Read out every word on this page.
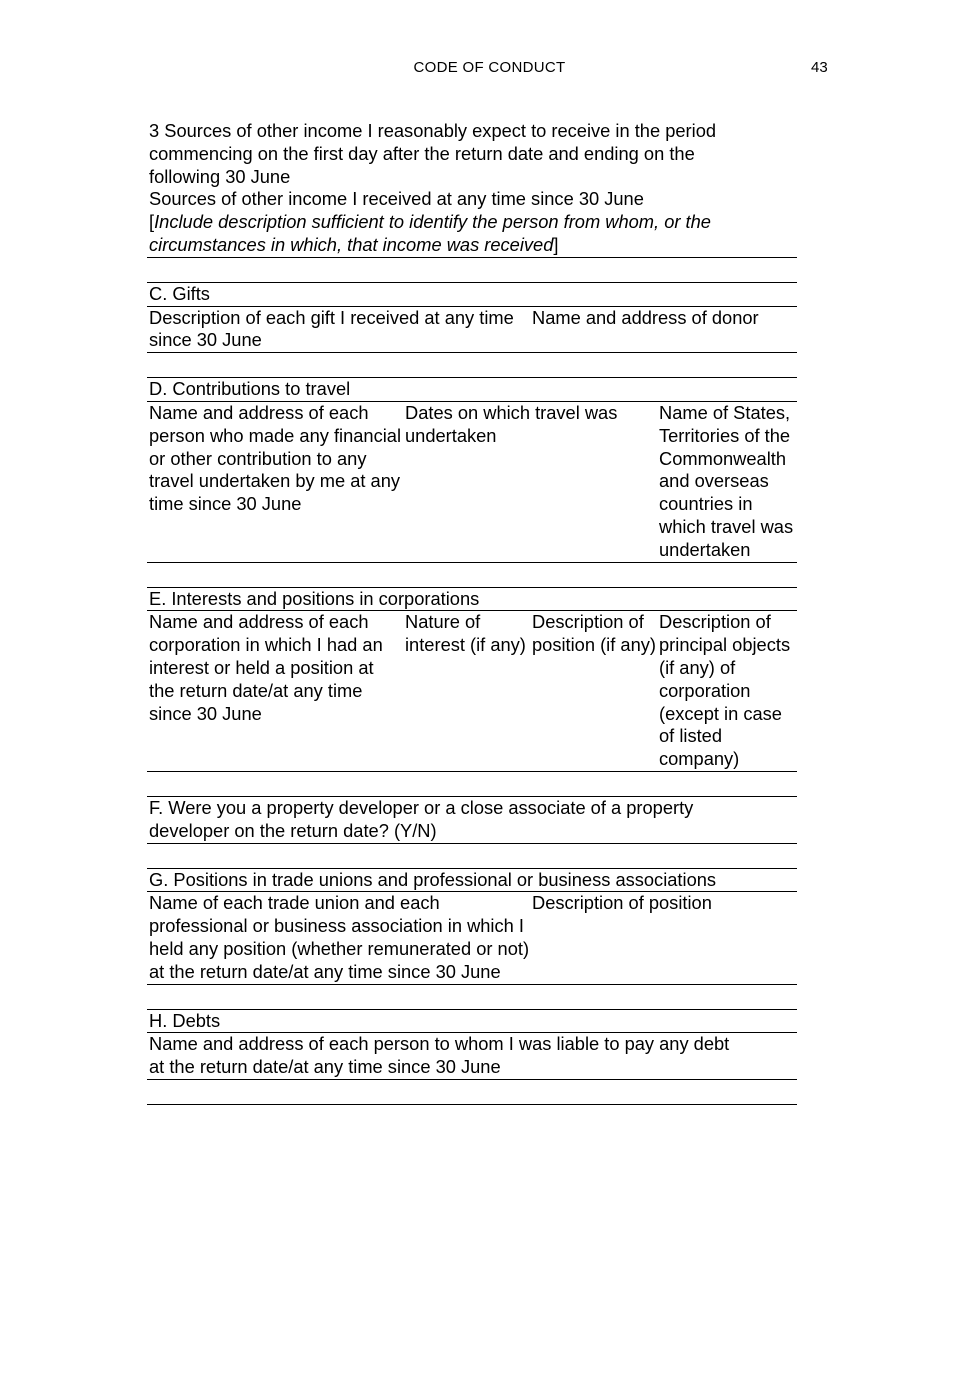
CODE OF CONDUCT	43
3 Sources of other income I reasonably expect to receive in the period
commencing on the first day after the return date and ending on the
following 30 June
Sources of other income I received at any time since 30 June
[Include description sufficient to identify the person from whom, or the
circumstances in which, that income was received]
C. Gifts
Description of each gift I received at any time since 30 June
Name and address of donor
D. Contributions to travel
Name and address of each person who made any financial or other contribution to any travel undertaken by me at any time since 30 June
Dates on which travel was undertaken
Name of States, Territories of the Commonwealth and overseas countries in which travel was undertaken
E. Interests and positions in corporations
Name and address of each corporation in which I had an interest or held a position at the return date/at any time since 30 June
Nature of interest (if any)
Description of position (if any)
Description of principal objects (if any) of corporation (except in case of listed company)
F. Were you a property developer or a close associate of a property
developer on the return date? (Y/N)
G. Positions in trade unions and professional or business associations
Name of each trade union and each professional or business association in which I held any position (whether remunerated or not) at the return date/at any time since 30 June
Description of position
H. Debts
Name and address of each person to whom I was liable to pay any debt
at the return date/at any time since 30 June
